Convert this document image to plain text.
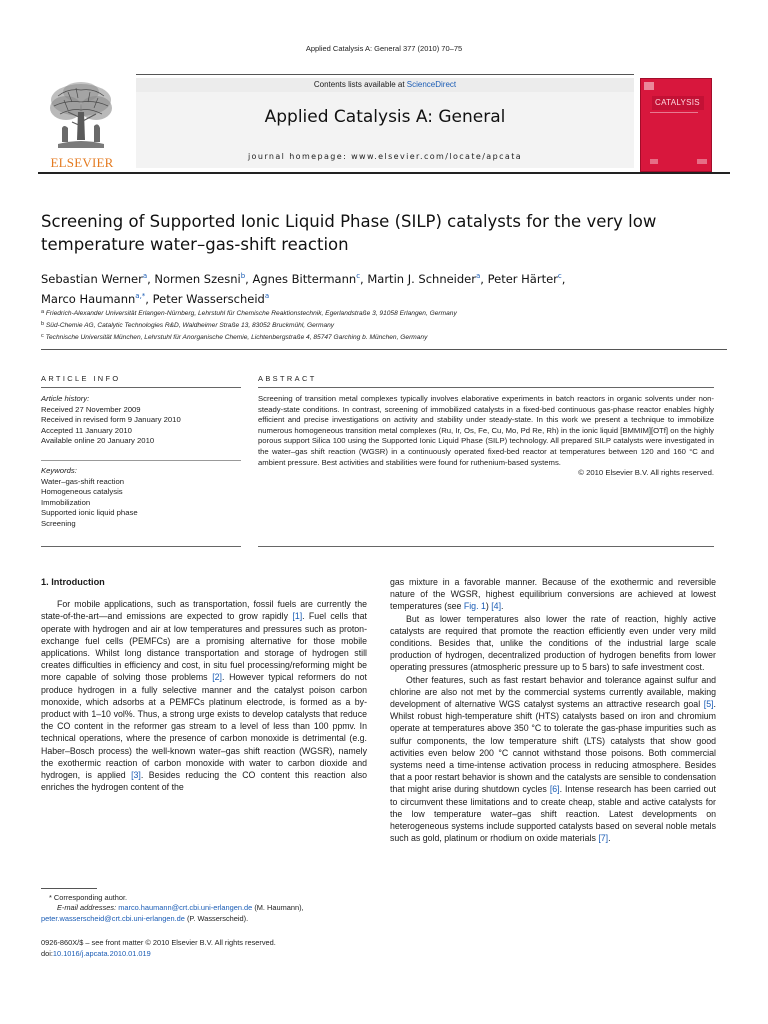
Applied Catalysis A: General 377 (2010) 70–75
ELSEVIER
Contents lists available at ScienceDirect
Applied Catalysis A: General
journal homepage: www.elsevier.com/locate/apcata
CATALYSIS
Screening of Supported Ionic Liquid Phase (SILP) catalysts for the very low
temperature water–gas-shift reaction
Sebastian Werner$^a$, Normen Szesni$^b$, Agnes Bittermann$^c$, Martin J. Schneider$^a$, Peter Härter$^c$,
Marco Haumann$^{a,*}$, Peter Wasserscheid$^a$
$^a$ Friedrich-Alexander Universität Erlangen-Nürnberg, Lehrstuhl für Chemische Reaktionstechnik, Egerlandstraße 3, 91058 Erlangen, Germany
$^b$ Süd-Chemie AG, Catalytic Technologies R&D, Waldheimer Straße 13, 83052 Bruckmühl, Germany
$^c$ Technische Universität München, Lehrstuhl für Anorganische Chemie, Lichtenbergstraße 4, 85747 Garching b. München, Germany
ARTICLE INFO	ABSTRACT
Article history:
Received 27 November 2009
Received in revised form 9 January 2010
Accepted 11 January 2010
Available online 20 January 2010
Keywords:
Water–gas-shift reaction
Homogeneous catalysis
Immobilization
Supported ionic liquid phase
Screening
Screening of transition metal complexes typically involves elaborative experiments in batch reactors in organic solvents under non-steady-state conditions. In contrast, screening of immobilized catalysts in a fixed-bed continuous gas-phase reactor enables highly efficient and precise investigations on activity and stability under steady-state. In this work we present a technique to immobilize numerous homogeneous transition metal complexes (Ru, Ir, Os, Fe, Cu, Mo, Pd Re, Rh) in the ionic liquid [BMMIM][OTf] on the highly porous support Silica 100 using the Supported Ionic Liquid Phase (SILP) technology. All prepared SILP catalysts were investigated in the water–gas shift reaction (WGSR) in a continuously operated fixed-bed reactor at temperatures between 120 and 160 °C and ambient pressure. Best activities and stabilities were found for ruthenium-based systems.
© 2010 Elsevier B.V. All rights reserved.
1. Introduction

For mobile applications, such as transportation, fossil fuels are currently the state-of-the-art—and emissions are expected to grow rapidly [1]. Fuel cells that operate with hydrogen and air at low temperatures and pressures such as proton-exchange fuel cells (PEMFCs) are a promising alternative for those mobile applications. Whilst long distance transportation and storage of hydrogen still creates difficulties in efficiency and cost, in situ fuel processing/reforming might be more capable of solving those problems [2]. However typical reformers do not produce hydrogen in a fully selective manner and the catalyst poison carbon monoxide, which adsorbs at a PEMFCs platinum electrode, is formed as a by-product with 1–10 vol%. Thus, a strong urge exists to develop catalysts that reduce the CO content in the reformer gas stream to a level of less than 100 ppmv. In technical operations, where the presence of carbon monoxide is detrimental (e.g. Haber–Bosch process) the well-known water–gas shift reaction (WGSR), namely the exothermic reaction of carbon monoxide with water to carbon dioxide and hydrogen, is applied [3]. Besides reducing the CO content this reaction also enriches the hydrogen content of the

gas mixture in a favorable manner. Because of the exothermic and reversible nature of the WGSR, highest equilibrium conversions are achieved at lowest temperatures (see Fig. 1) [4].

But as lower temperatures also lower the rate of reaction, highly active catalysts are required that promote the reaction efficiently even under very mild conditions. Besides that, unlike the conditions of the industrial large scale production of hydrogen, decentralized production of hydrogen benefits from lower operating pressures (atmospheric pressure up to 5 bars) to safe investment cost.

Other features, such as fast restart behavior and tolerance against sulfur and chlorine are also not met by the commercial systems currently available, making development of alternative WGS catalyst systems an attractive research goal [5]. Whilst robust high-temperature shift (HTS) catalysts based on iron and chromium operate at temperatures above 350 °C to tolerate the gas-phase impurities such as sulfur components, the low temperature shift (LTS) catalysts that show good activities even below 200 °C cannot withstand those poisons. Both commercial systems need a time-intense activation process in reducing atmosphere. Besides that a poor restart behavior is shown and the catalysts are sensible to condensation that might arise during shutdown cycles [6]. Intense research has been carried out to circumvent these limitations and to create cheap, stable and active catalysts for the low temperature water–gas shift reaction. Latest developments on heterogeneous systems include supported catalysts based on several noble metals such as gold, platinum or rhodium on oxide materials [7].

* Corresponding author.
E-mail addresses: marco.haumann@crt.cbi.uni-erlangen.de (M. Haumann),
peter.wasserscheid@crt.cbi.uni-erlangen.de (P. Wasserscheid).
0926-860X/$ – see front matter © 2010 Elsevier B.V. All rights reserved.
doi:10.1016/j.apcata.2010.01.019
